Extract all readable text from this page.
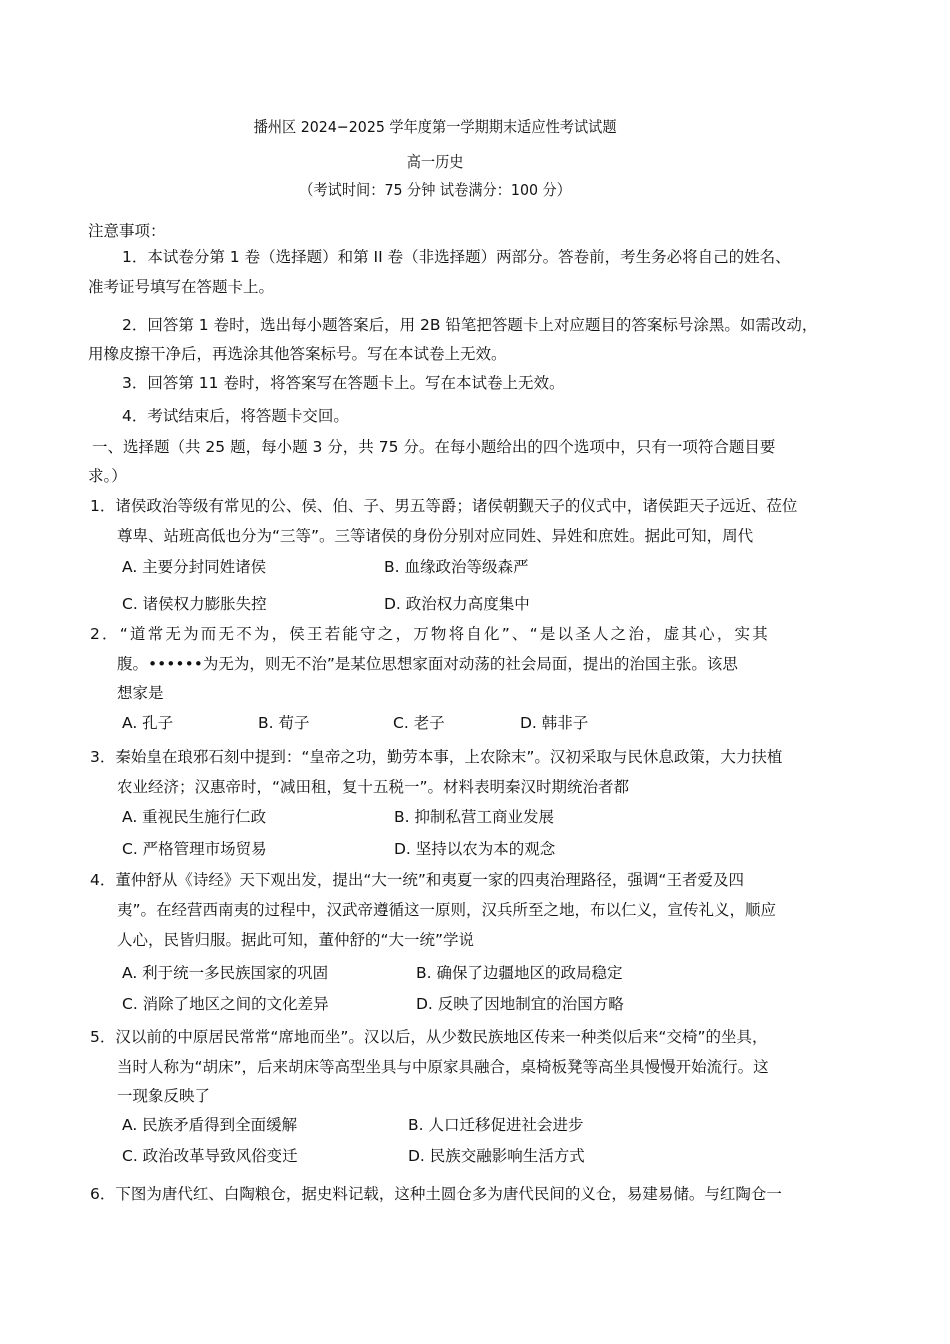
播州区 2024−2025 学年度第一学期期末适应性考试试题
高一历史
（考试时间：75 分钟 试卷满分：100 分）
注意事项：
1．本试卷分第 1 卷（选择题）和第 II 卷（非选择题）两部分。答卷前，考生务必将自己的姓名、
准考证号填写在答题卡上。
2．回答第 1 卷时，选出每小题答案后，用 2B 铅笔把答题卡上对应题目的答案标号涂黑。如需改动，
用橡皮擦干净后，再选涂其他答案标号。写在本试卷上无效。
3．回答第 11 卷时，将答案写在答题卡上。写在本试卷上无效。
4．考试结束后，将答题卡交回。
一、选择题（共 25 题，每小题 3 分，共 75 分。在每小题给出的四个选项中，只有一项符合题目要
求。）
1．诸侯政治等级有常见的公、侯、伯、子、男五等爵；诸侯朝觐天子的仪式中，诸侯距天子远近、莅位
尊卑、站班高低也分为“三等”。三等诸侯的身份分别对应同姓、异姓和庶姓。据此可知，周代
A. 主要分封同姓诸侯	B. 血缘政治等级森严
C. 诸侯权力膨胀失控	D. 政治权力高度集中
2．“道常无为而无不为，侯王若能守之，万物将自化”、“是以圣人之治，虚其心，实其
腹。••••••为无为，则无不治”是某位思想家面对动荡的社会局面，提出的治国主张。该思
想家是
A. 孔子	B. 荀子	C. 老子	D. 韩非子
3．秦始皇在琅邪石刻中提到：“皇帝之功，勤劳本事，上农除末”。汉初采取与民休息政策，大力扶植
农业经济；汉惠帝时，“减田租，复十五税一”。材料表明秦汉时期统治者都
A. 重视民生施行仁政	B. 抑制私营工商业发展
C. 严格管理市场贸易	D. 坚持以农为本的观念
4．董仲舒从《诗经》天下观出发，提出“大一统”和夷夏一家的四夷治理路径，强调“王者爱及四
夷”。在经营西南夷的过程中，汉武帝遵循这一原则，汉兵所至之地，布以仁义，宣传礼义，顺应
人心，民皆归服。据此可知，董仲舒的“大一统”学说
A. 利于统一多民族国家的巩固	B. 确保了边疆地区的政局稳定
C. 消除了地区之间的文化差异	D. 反映了因地制宜的治国方略
5．汉以前的中原居民常常“席地而坐”。汉以后，从少数民族地区传来一种类似后来“交椅”的坐具，
当时人称为“胡床”，后来胡床等高型坐具与中原家具融合，桌椅板凳等高坐具慢慢开始流行。这
一现象反映了
A. 民族矛盾得到全面缓解	B. 人口迁移促进社会进步
C. 政治改革导致风俗变迁	D. 民族交融影响生活方式
6．下图为唐代红、白陶粮仓，据史料记载，这种土圆仓多为唐代民间的义仓，易建易储。与红陶仓一
